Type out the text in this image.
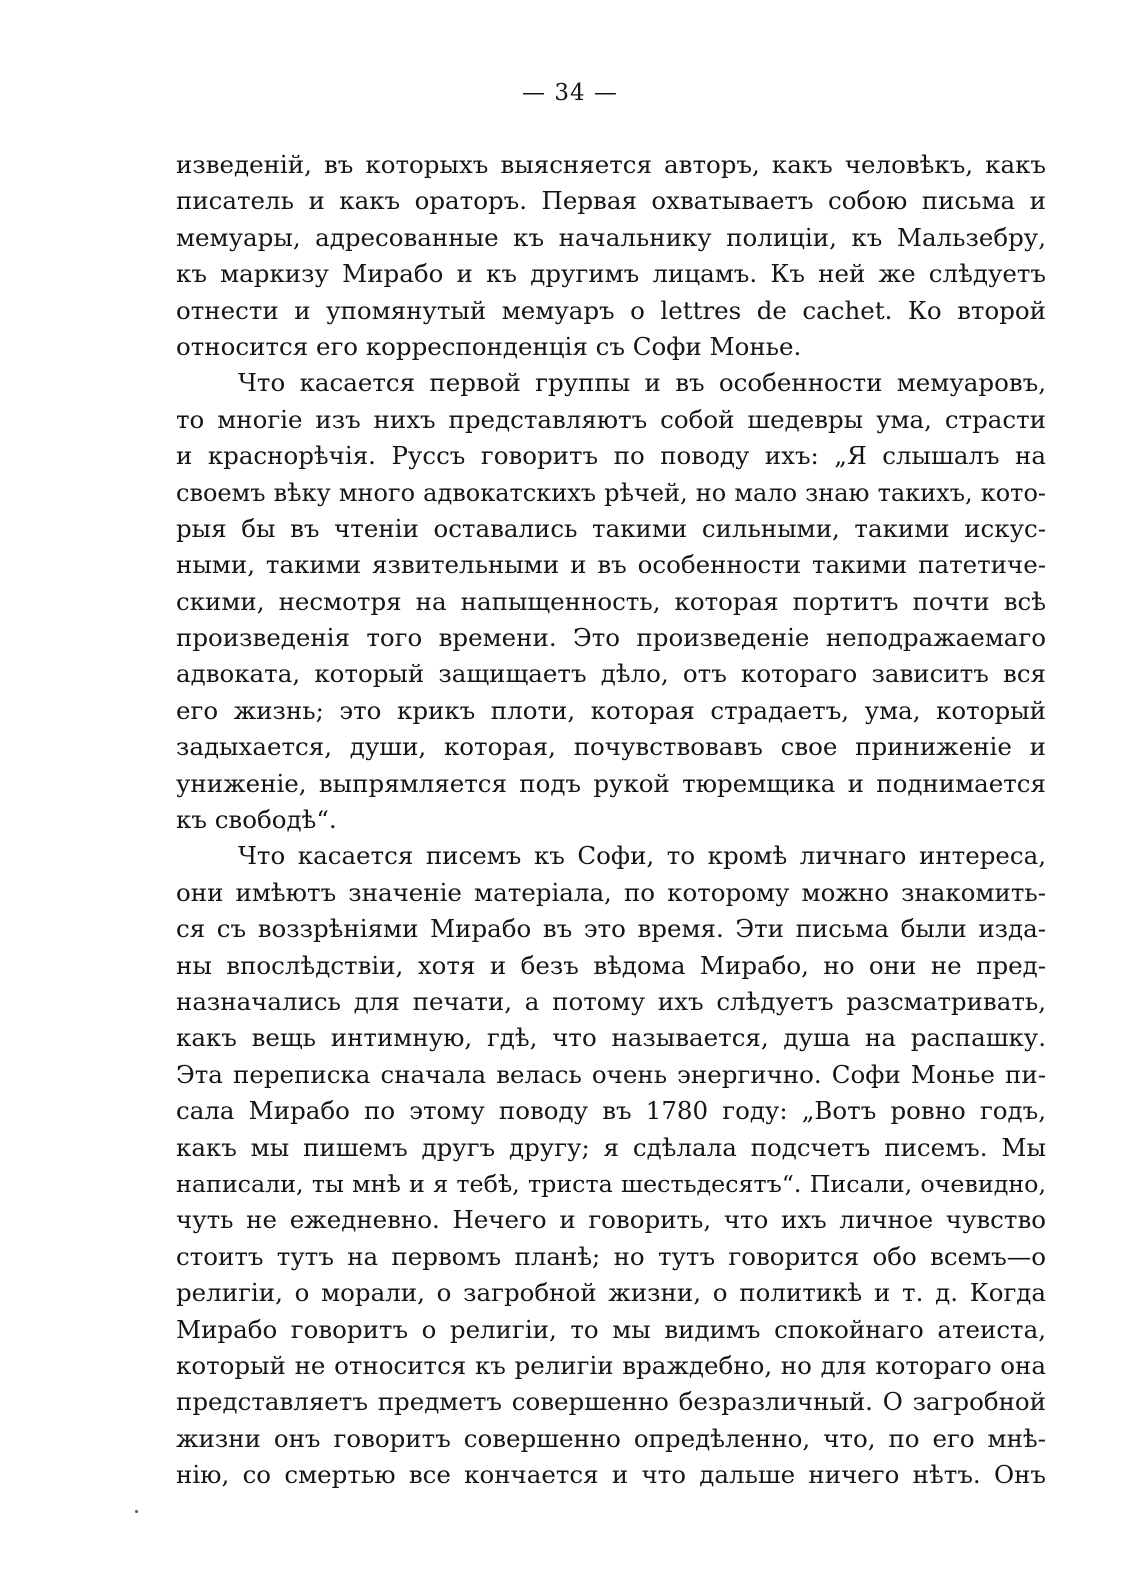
— 34 —
изведеній, въ которыхъ выясняется авторъ, какъ человѣкъ, какъ
писатель и какъ ораторъ. Первая охватываетъ собою письма и
мемуары, адресованные къ начальнику полиціи, къ Мальзебру,
къ маркизу Мирабо и къ другимъ лицамъ. Къ ней же слѣдуетъ
отнести и упомянутый мемуаръ о lettres de cachet. Ко второй
относится его корреспонденція съ Софи Монье.
Что касается первой группы и въ особенности мемуаровъ,
то многіе изъ нихъ представляютъ собой шедевры ума, страсти
и краснорѣчія. Руссъ говоритъ по поводу ихъ: „Я слышалъ на
своемъ вѣку много адвокатскихъ рѣчей, но мало знаю такихъ, кото-
рыя бы въ чтеніи оставались такими сильными, такими искус-
ными, такими язвительными и въ особенности такими патетиче-
скими, несмотря на напыщенность, которая портитъ почти всѣ
произведенія того времени. Это произведеніе неподражаемаго
адвоката, который защищаетъ дѣло, отъ котораго зависитъ вся
его жизнь; это крикъ плоти, которая страдаетъ, ума, который
задыхается, души, которая, почувствовавъ свое приниженіе и
униженіе, выпрямляется подъ рукой тюремщика и поднимается
къ свободѣ“.
Что касается писемъ къ Софи, то кромѣ личнаго интереса,
они имѣютъ значеніе матеріала, по которому можно знакомить-
ся съ воззрѣніями Мирабо въ это время. Эти письма были изда-
ны впослѣдствіи, хотя и безъ вѣдома Мирабо, но они не пред-
назначались для печати, а потому ихъ слѣдуетъ разсматривать,
какъ вещь интимную, гдѣ, что называется, душа на распашку.
Эта переписка сначала велась очень энергично. Софи Монье пи-
сала Мирабо по этому поводу въ 1780 году: „Вотъ ровно годъ,
какъ мы пишемъ другъ другу; я сдѣлала подсчетъ писемъ. Мы
написали, ты мнѣ и я тебѣ, триста шестьдесятъ“. Писали, очевидно,
чуть не ежедневно. Нечего и говорить, что ихъ личное чувство
стоитъ тутъ на первомъ планѣ; но тутъ говорится обо всемъ—о
религіи, о морали, о загробной жизни, о политикѣ и т. д. Когда
Мирабо говоритъ о религіи, то мы видимъ спокойнаго атеиста,
который не относится къ религіи враждебно, но для котораго она
представляетъ предметъ совершенно безразличный. О загробной
жизни онъ говоритъ совершенно опредѣленно, что, по его мнѣ-
нію, со смертью все кончается и что дальше ничего нѣтъ. Онъ
